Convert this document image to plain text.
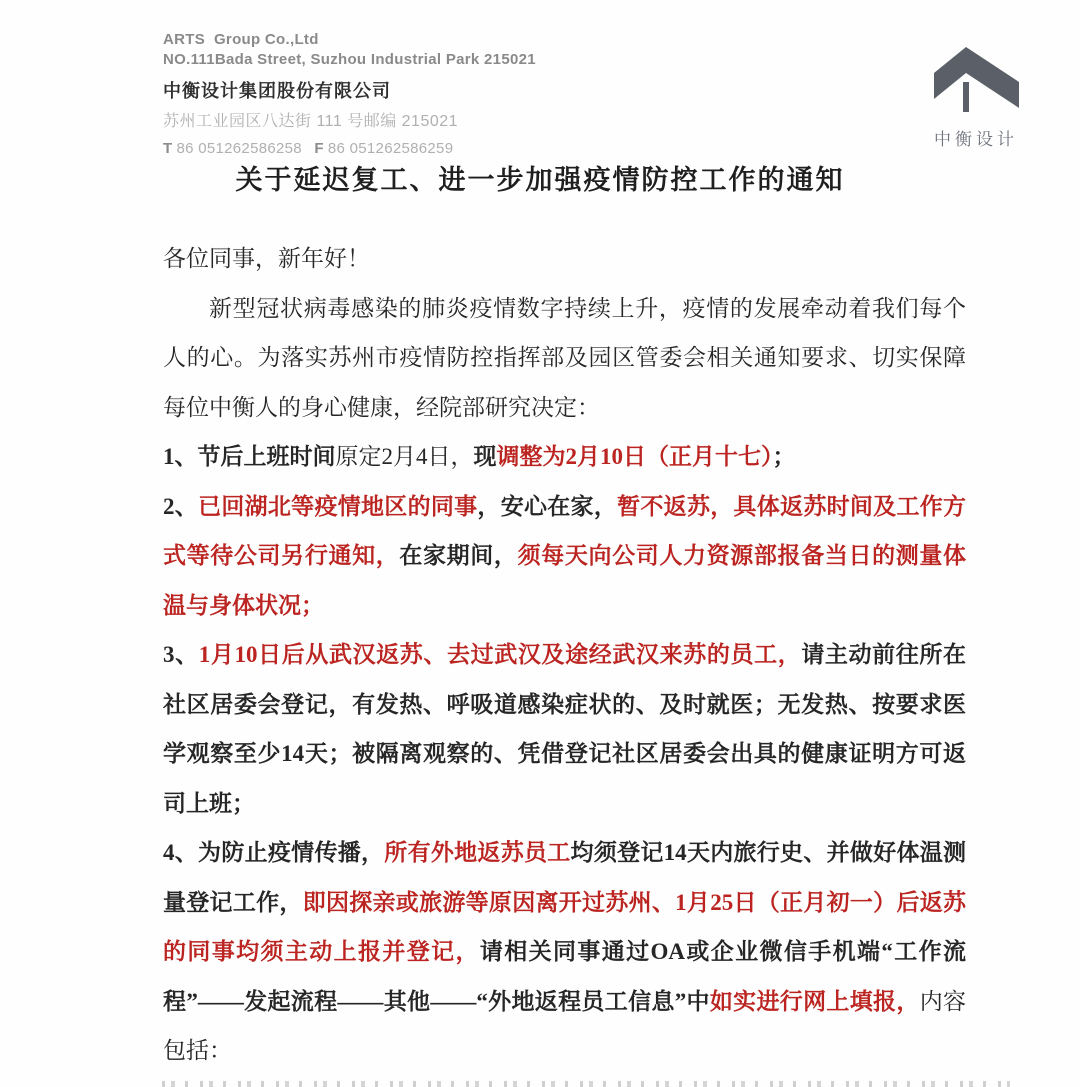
ARTS  Group Co.,Ltd
NO.111Bada Street, Suzhou Industrial Park 215021
中衡设计集团股份有限公司
苏州工业园区八达街 111 号邮编 215021
T 86 051262586258 F 86 051262586259	中衡设计
关于延迟复工、进一步加强疫情防控工作的通知

各位同事，新年好！

新型冠状病毒感染的肺炎疫情数字持续上升，疫情的发展牵动着我们每个人的心。为落实苏州市疫情防控指挥部及园区管委会相关通知要求、切实保障每位中衡人的身心健康，经院部研究决定：

1、节后上班时间原定2月4日，现调整为2月10日（正月十七）；

2、已回湖北等疫情地区的同事，安心在家，暂不返苏，具体返苏时间及工作方式等待公司另行通知，在家期间，须每天向公司人力资源部报备当日的测量体温与身体状况；

3、1月10日后从武汉返苏、去过武汉及途经武汉来苏的员工，请主动前往所在社区居委会登记，有发热、呼吸道感染症状的、及时就医；无发热、按要求医学观察至少14天；被隔离观察的、凭借登记社区居委会出具的健康证明方可返司上班；

4、为防止疫情传播，所有外地返苏员工均须登记14天内旅行史、并做好体温测量登记工作，即因探亲或旅游等原因离开过苏州、1月25日（正月初一）后返苏的同事均须主动上报并登记，请相关同事通过OA或企业微信手机端“工作流程”——发起流程——其他——“外地返程员工信息”中如实进行网上填报，内容包括：
